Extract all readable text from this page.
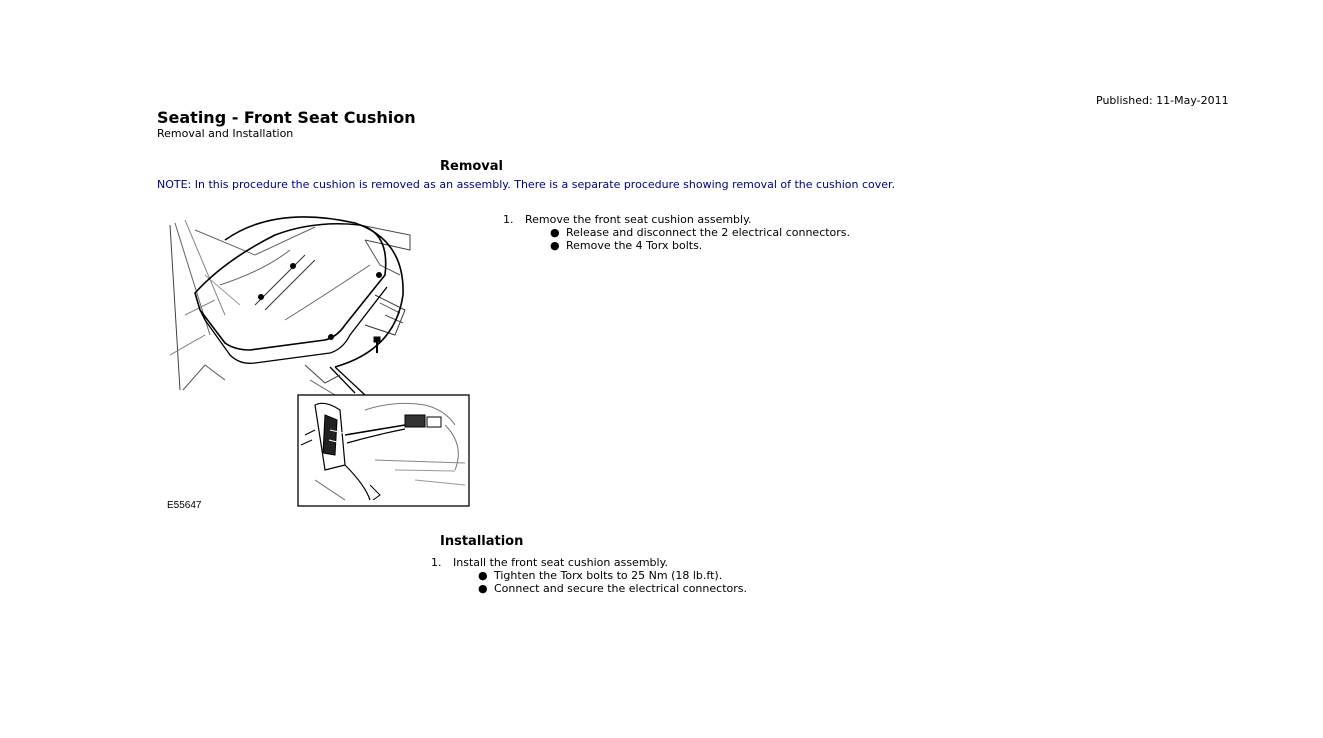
Published: 11-May-2011
Seating - Front Seat Cushion
Removal and Installation
Removal
NOTE: In this procedure the cushion is removed as an assembly. There is a separate procedure showing removal of the cushion cover.
E55647
1. Remove the front seat cushion assembly.
● Release and disconnect the 2 electrical connectors.
● Remove the 4 Torx bolts.
Installation
1. Install the front seat cushion assembly.
● Tighten the Torx bolts to 25 Nm (18 lb.ft).
● Connect and secure the electrical connectors.
